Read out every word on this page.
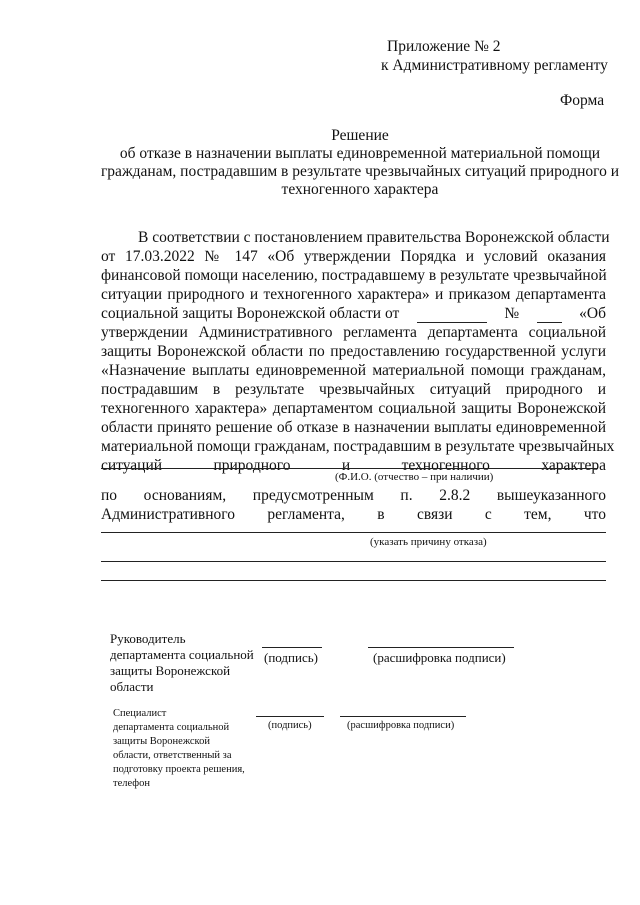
Приложение № 2
к Административному регламенту
Форма
Решение
об отказе в назначении выплаты единовременной материальной помощи
гражданам, пострадавшим в результате чрезвычайных ситуаций природного и
техногенного характера
В соответствии с постановлением правительства Воронежской области
от 17.03.2022 № 147 «Об утверждении Порядка и условий оказания
финансовой помощи населению, пострадавшему в результате чрезвычайной
ситуации природного и техногенного характера» и приказом департамента
социальной защиты Воронежской области от	№	«Об
утверждении Административного регламента департамента социальной
защиты Воронежской области по предоставлению государственной услуги
«Назначение выплаты единовременной материальной помощи гражданам,
пострадавшим в результате чрезвычайных ситуаций природного и
техногенного характера» департаментом социальной защиты Воронежской
области принято решение об отказе в назначении выплаты единовременной
материальной помощи гражданам, пострадавшим в результате чрезвычайных
ситуаций природного и техногенного характера
(Ф.И.О. (отчество – при наличии)
по основаниям, предусмотренным п. 2.8.2 вышеуказанного
Административного регламента, в связи с тем, что
(указать причину отказа)
Руководитель
департамента социальной
защиты Воронежской
области
(подпись)	(расшифровка подписи)
Специалист
департамента социальной
защиты Воронежской
области, ответственный за
подготовку проекта решения,
телефон
(подпись)	(расшифровка подписи)
